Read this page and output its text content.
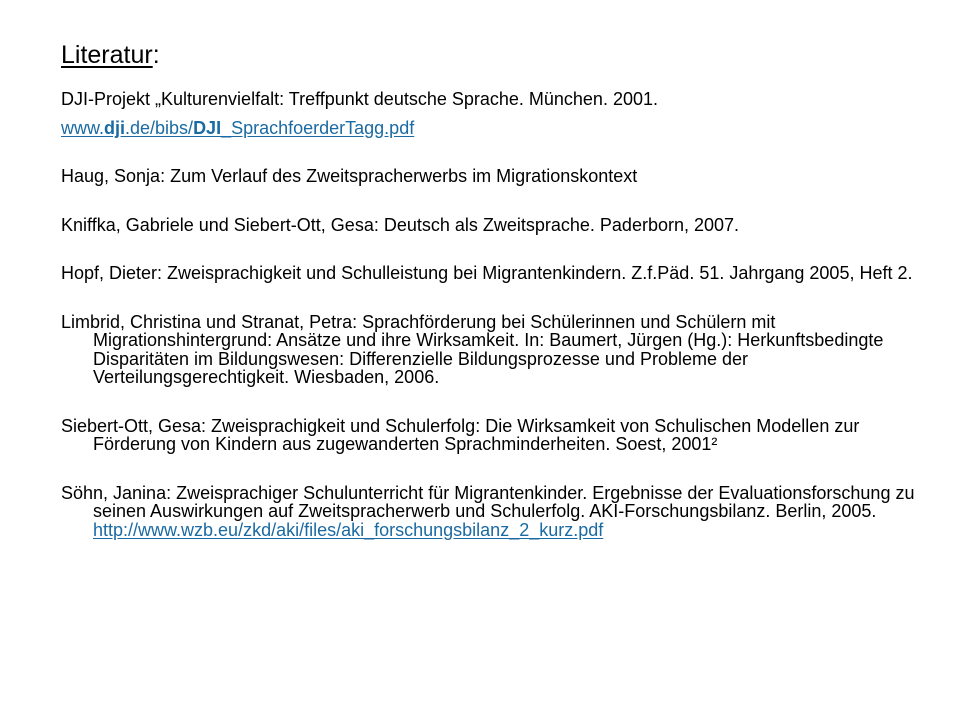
Literatur:

DJI-Projekt „Kulturenvielfalt: Treffpunkt deutsche Sprache. München. 2001.

www.dji.de/bibs/DJI_SprachfoerderTagg.pdf

Haug, Sonja: Zum Verlauf des Zweitspracherwerbs im Migrationskontext

Kniffka, Gabriele und Siebert-Ott, Gesa: Deutsch als Zweitsprache. Paderborn, 2007.

Hopf, Dieter: Zweisprachigkeit und Schulleistung bei Migrantenkindern. Z.f.Päd. 51. Jahrgang 2005, Heft 2.

Limbrid, Christina und Stranat, Petra: Sprachförderung bei Schülerinnen und Schülern mit Migrationshintergrund: Ansätze und ihre Wirksamkeit. In: Baumert, Jürgen (Hg.): Herkunftsbedingte Disparitäten im Bildungswesen: Differenzielle Bildungsprozesse und Probleme der Verteilungsgerechtigkeit. Wiesbaden, 2006.

Siebert-Ott, Gesa: Zweisprachigkeit und Schulerfolg: Die Wirksamkeit von Schulischen Modellen zur Förderung von Kindern aus zugewanderten Sprachminderheiten. Soest, 2001²

Söhn, Janina: Zweisprachiger Schulunterricht für Migrantenkinder. Ergebnisse der Evaluationsforschung zu seinen Auswirkungen auf Zweitspracherwerb und Schulerfolg. AKI-Forschungsbilanz. Berlin, 2005. http://www.wzb.eu/zkd/aki/files/aki_forschungsbilanz_2_kurz.pdf
